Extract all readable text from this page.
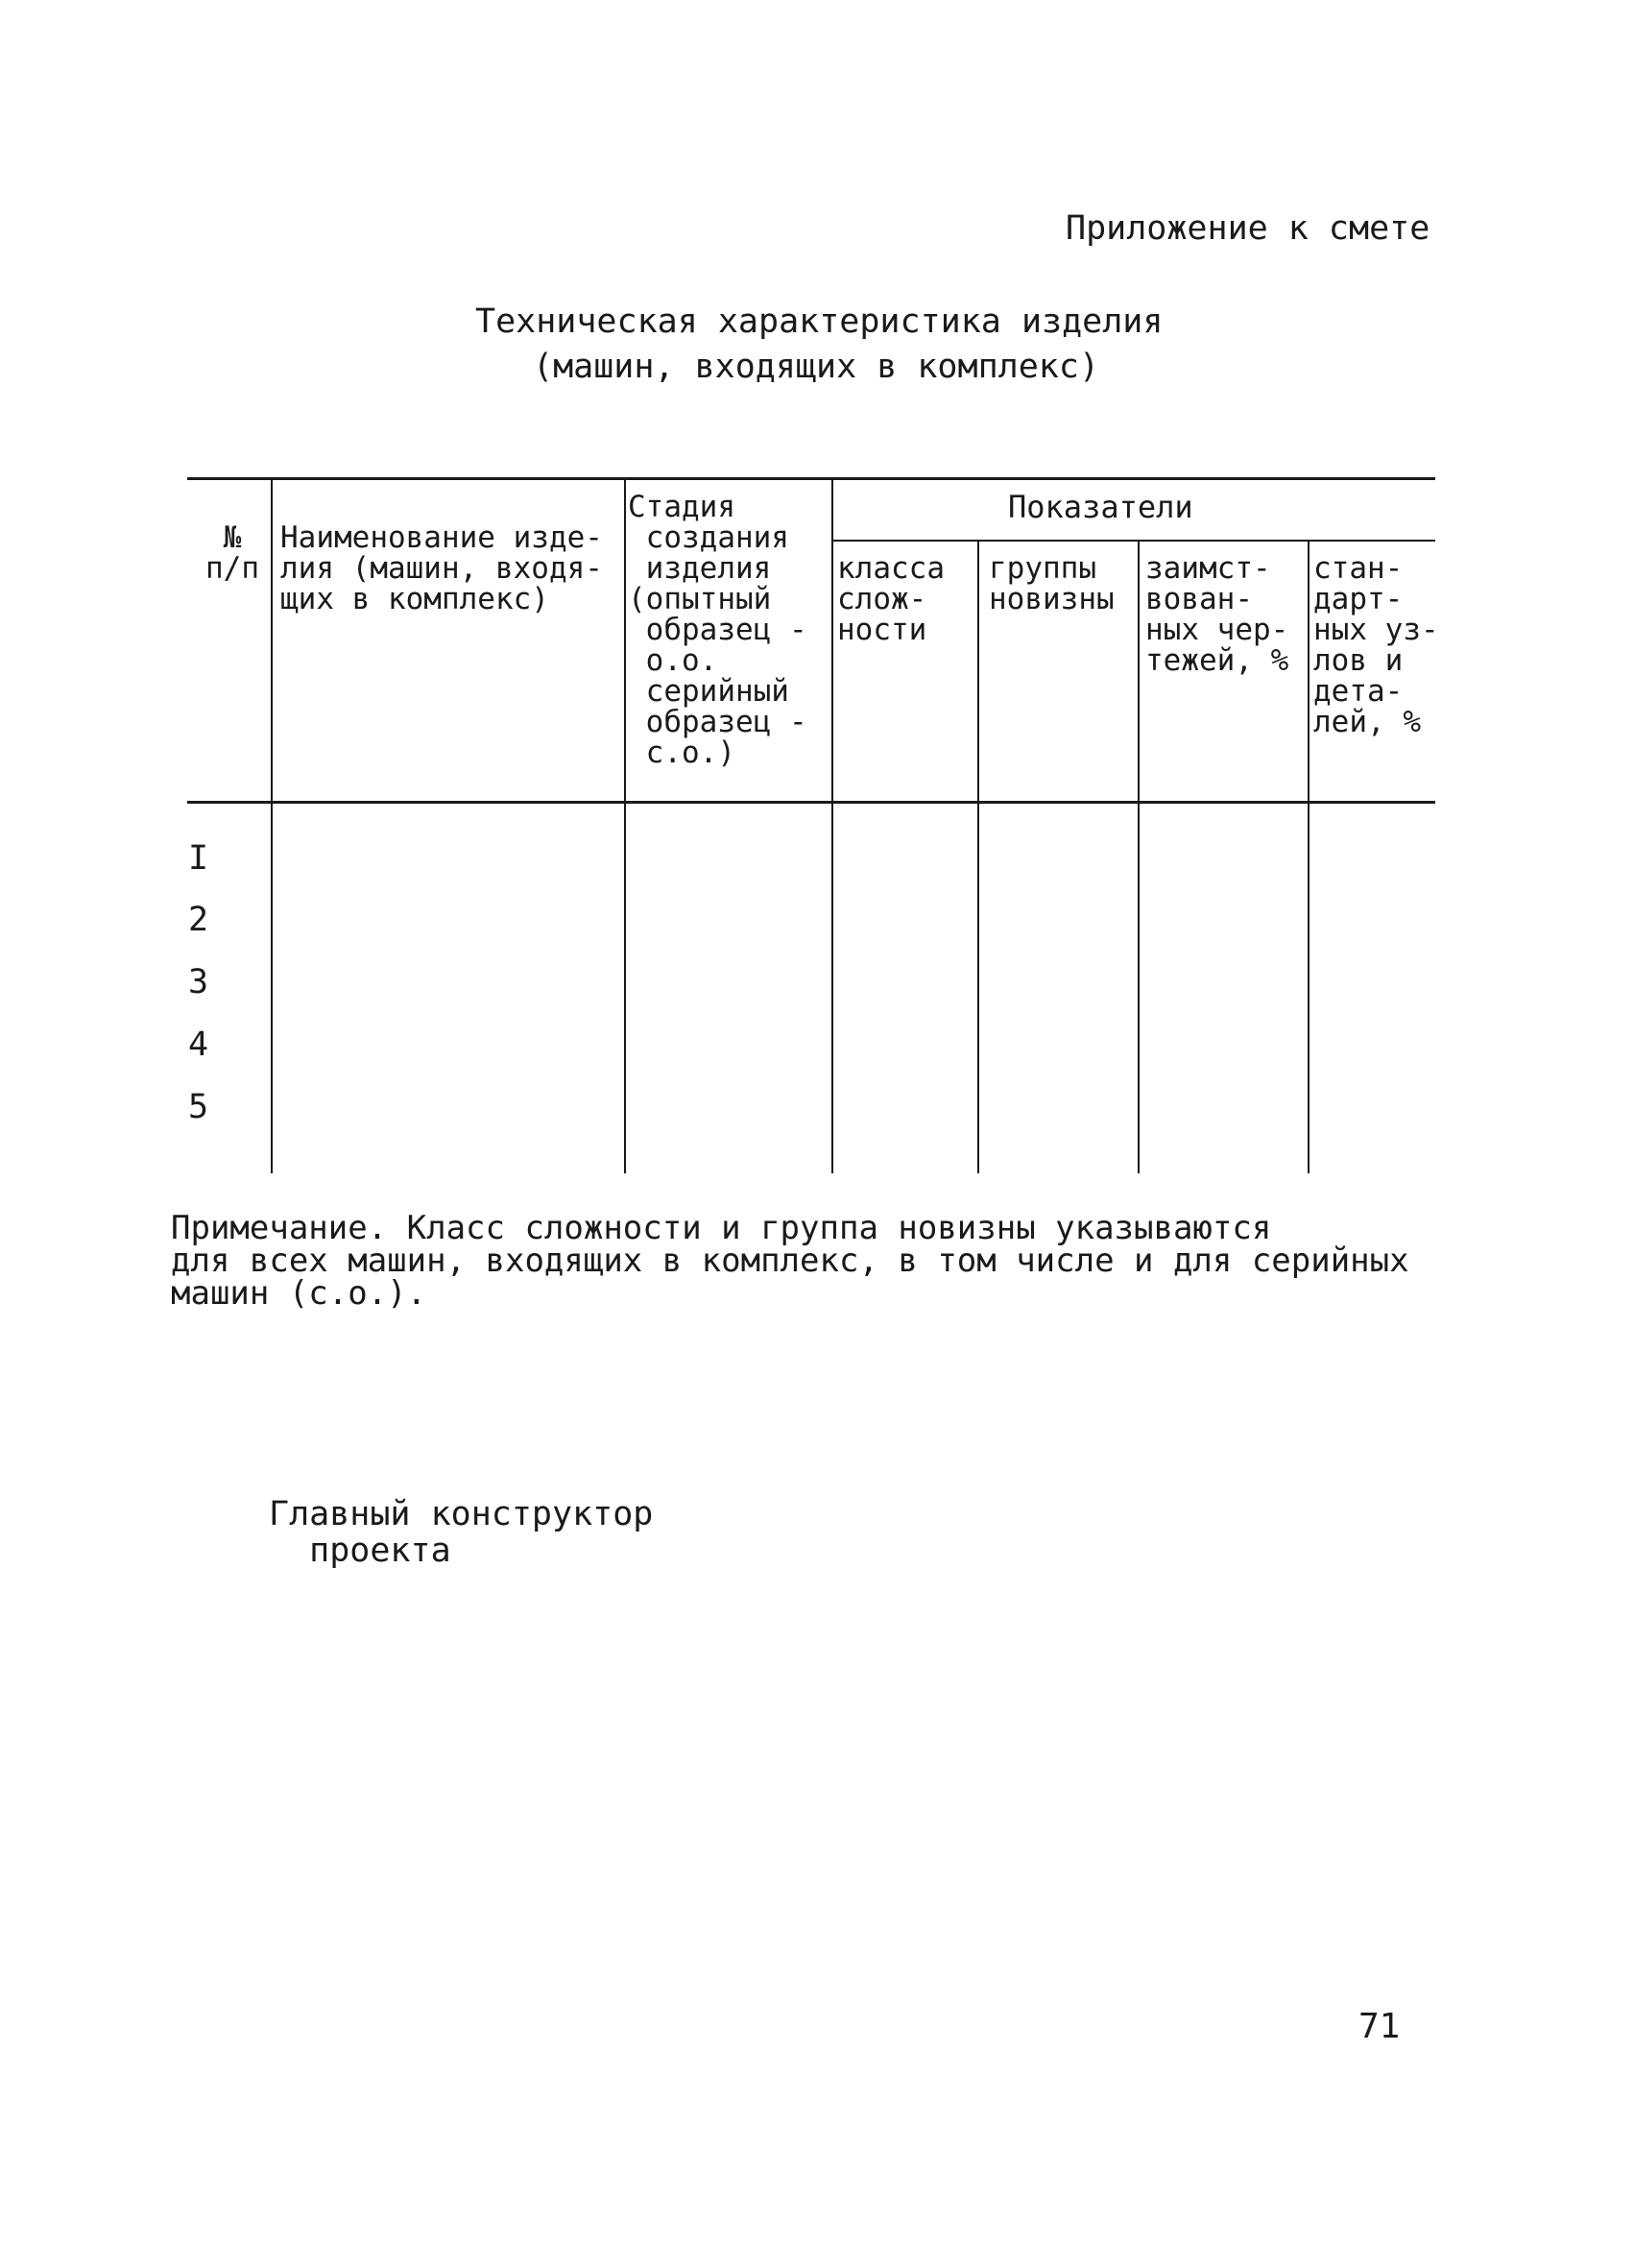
Приложение к смете
Техническая характеристика изделия
(машин, входящих в комплекс)
№
п/п
Наименование изде-
лия (машин, входя-
щих в комплекс)
Стадия
создания
изделия
(опытный
образец -
о.о.
серийный
образец -
с.о.)
Показатели
класса
слож-
ности
группы
новизны
заимст-
вован-
ных чер-
тежей, %
стан-
дарт-
ных уз-
лов и
дета-
лей, %
I
2
3
4
5
Примечание. Класс сложности и группа новизны указываются
для всех машин, входящих в комплекс, в том числе и для серийных
машин (с.о.).
Главный конструктор
проекта
71
